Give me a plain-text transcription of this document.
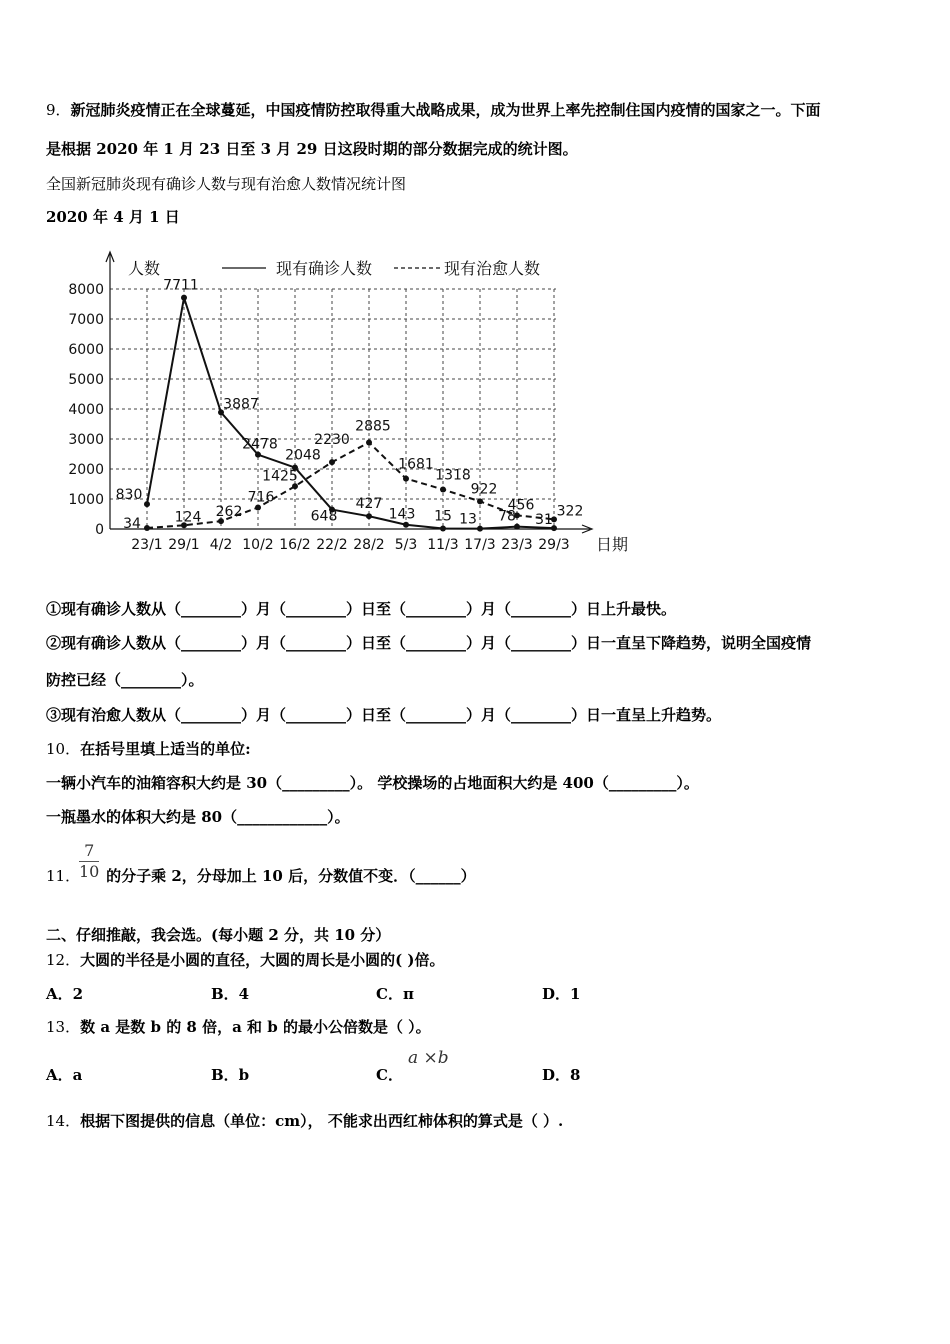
9．新冠肺炎疫情正在全球蔓延，中国疫情防控取得重大战略成果，成为世界上率先控制住国内疫情的国家之一。下面
是根据 2020 年 1 月 23 日至 3 月 29 日这段时期的部分数据完成的统计图。
全国新冠肺炎现有确诊人数与现有治愈人数情况统计图
2020 年 4 月 1 日
人数
日期
0
1000
2000
3000
4000
5000
6000
7000
8000
23/1 29/1 4/2 10/2 16/2 22/2 28/2 5/3 11/3 17/3 23/3 29/3
830
7711
3887
2478
2048
648
427
143 15 13 78 31
34 124 262
716
1425
2230
2885
1681
1318
922
456 322
现有确诊人数	现有治愈人数
①现有确诊人数从（________）月（________）日至（________）月（________）日上升最快。
②现有确诊人数从（________）月（________）日至（________）月（________）日一直呈下降趋势，说明全国疫情
防控已经（________）。
③现有治愈人数从（________）月（________）日至（________）月（________）日一直呈上升趋势。
10．在括号里填上适当的单位:
一辆小汽车的油箱容积大约是 30（_________）。 学校操场的占地面积大约是 400（_________）。
一瓶墨水的体积大约是 80（____________）。
7
10
11． 的分子乘 2，分母加上 10 后，分数值不变．（______）
二、仔细推敲，我会选。(每小题 2 分，共 10 分）
12．大圆的半径是小圆的直径，大圆的周长是小圆的( )倍。
A．2	B．4	C．π	D．1
13．数 a 是数 b 的 8 倍，a 和 b 的最小公倍数是（ ）。
A．a	B．b	C．
a ×b
D．8
14．根据下图提供的信息（单位：cm）， 不能求出西红柿体积的算式是（ ）.
